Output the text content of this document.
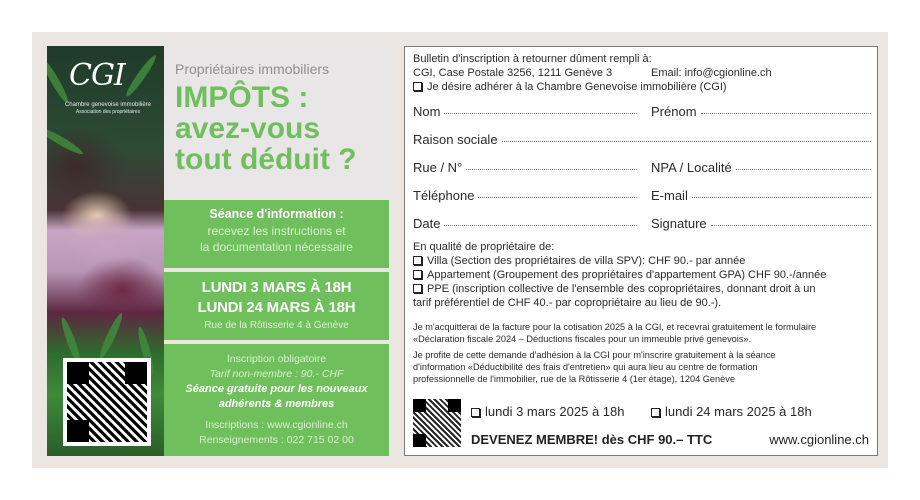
CGI
Chambre genevoise immobilière
Association des propriétaires
Propriétaires immobiliers
IMPÔTS :
avez-vous
tout déduit ?
Séance d'information :
recevez les instructions et
la documentation nécessaire
LUNDI 3 MARS À 18H
LUNDI 24 MARS À 18H
Rue de la Rôtisserie 4 à Genève
Inscription obligatoire
Tarif non-membre : 90.- CHF
Séance gratuite pour les nouveaux
adhérents & membres
Inscriptions : www.cgionline.ch
Renseignements : 022 715 02 00
Bulletin d'inscription à retourner dûment rempli à:
CGI, Case Postale 3256, 1211 Genève 3	Email: info@cgionline.ch
Je désire adhérer à la Chambre Genevoise immobilière (CGI)
Nom	Prénom
Raison sociale
Rue / N°	NPA / Localité
Téléphone	E-mail
Date	Signature
En qualité de propriétaire de:
Villa (Section des propriétaires de villa SPV): CHF 90.- par année
Appartement (Groupement des propriétaires d'appartement GPA) CHF 90.-/année
PPE (inscription collective de l'ensemble des copropriétaires, donnant droit à un
tarif préférentiel de CHF 40.- par copropriétaire au lieu de 90.-).
Je m'acquitterai de la facture pour la cotisation 2025 à la CGI, et recevrai gratuitement le formulaire
«Déclaration fiscale 2024 – Déductions fiscales pour un immeuble privé genevois».
Je profite de cette demande d'adhésion à la CGI pour m'inscrire gratuitement à la séance
d'information «Déductibilité des frais d'entretien» qui aura lieu au centre de formation
professionnelle de l'immobilier, rue de la Rôtisserie 4 (1er étage), 1204 Genève
lundi 3 mars 2025 à 18h	lundi 24 mars 2025 à 18h
DEVENEZ MEMBRE! dès CHF 90.– TTC	www.cgionline.ch
